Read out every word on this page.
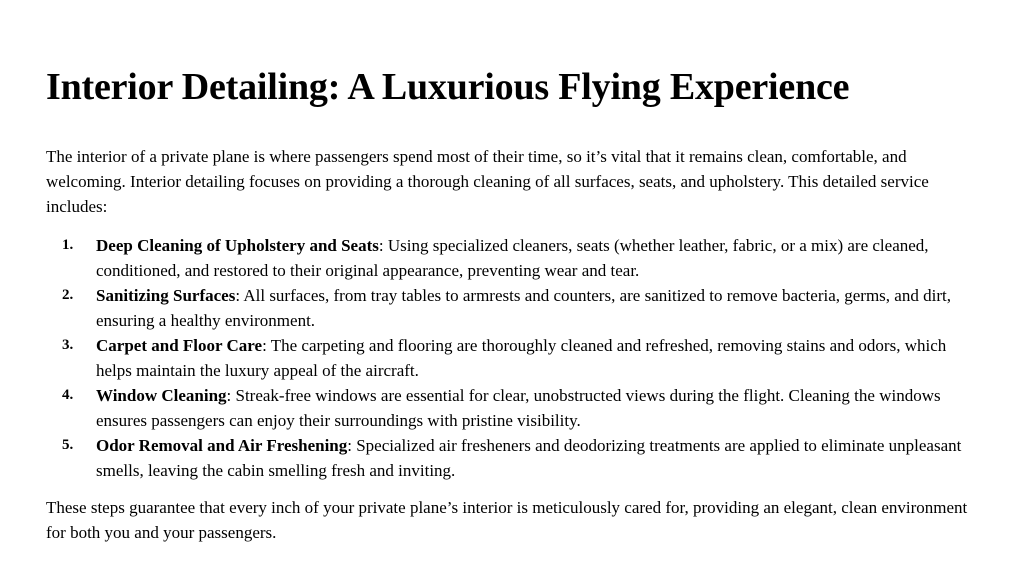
Interior Detailing: A Luxurious Flying Experience

The interior of a private plane is where passengers spend most of their time, so it’s vital that it remains clean, comfortable, and welcoming. Interior detailing focuses on providing a thorough cleaning of all surfaces, seats, and upholstery. This detailed service includes:

1. Deep Cleaning of Upholstery and Seats: Using specialized cleaners, seats (whether leather, fabric, or a mix) are cleaned, conditioned, and restored to their original appearance, preventing wear and tear.
2. Sanitizing Surfaces: All surfaces, from tray tables to armrests and counters, are sanitized to remove bacteria, germs, and dirt, ensuring a healthy environment.
3. Carpet and Floor Care: The carpeting and flooring are thoroughly cleaned and refreshed, removing stains and odors, which helps maintain the luxury appeal of the aircraft.
4. Window Cleaning: Streak-free windows are essential for clear, unobstructed views during the flight. Cleaning the windows ensures passengers can enjoy their surroundings with pristine visibility.
5. Odor Removal and Air Freshening: Specialized air fresheners and deodorizing treatments are applied to eliminate unpleasant smells, leaving the cabin smelling fresh and inviting.

These steps guarantee that every inch of your private plane’s interior is meticulously cared for, providing an elegant, clean environment for both you and your passengers.
